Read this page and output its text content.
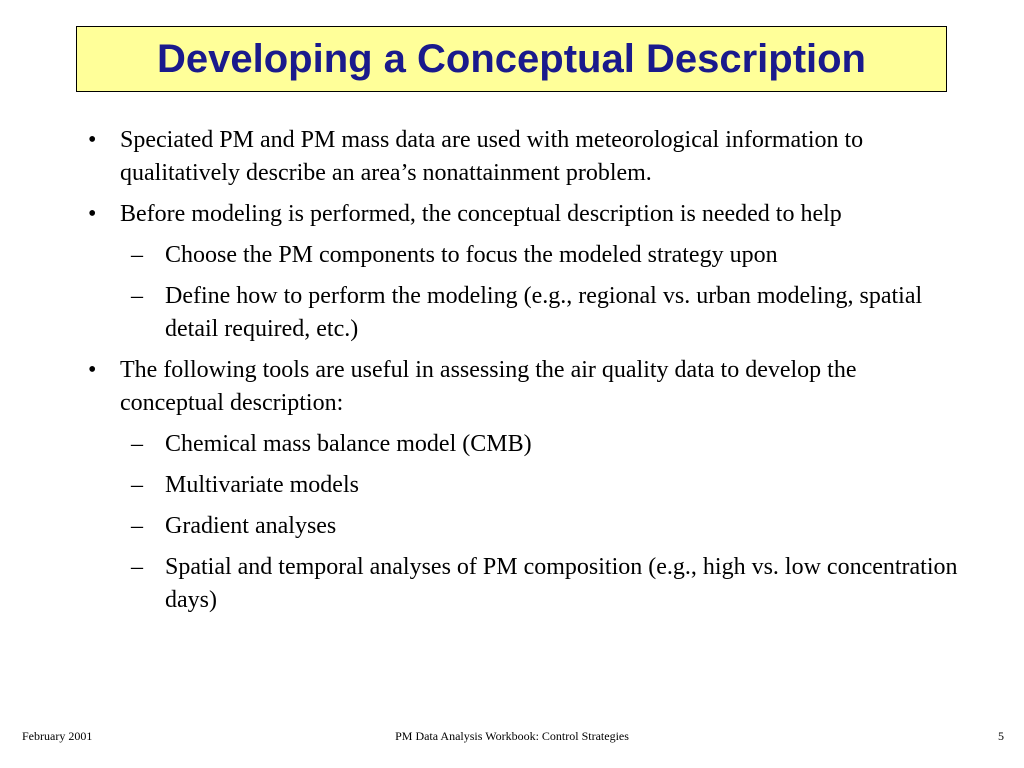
Developing a Conceptual Description
• Speciated PM and PM mass data are used with meteorological information to qualitatively describe an area’s nonattainment problem.
• Before modeling is performed, the conceptual description is needed to help
– Choose the PM components to focus the modeled strategy upon
– Define how to perform the modeling (e.g., regional vs. urban modeling, spatial detail required, etc.)
• The following tools are useful in assessing the air quality data to develop the conceptual description:
– Chemical mass balance model (CMB)
– Multivariate models
– Gradient analyses
– Spatial and temporal analyses of PM composition (e.g., high vs. low concentration days)
February 2001	PM Data Analysis Workbook: Control Strategies	5
